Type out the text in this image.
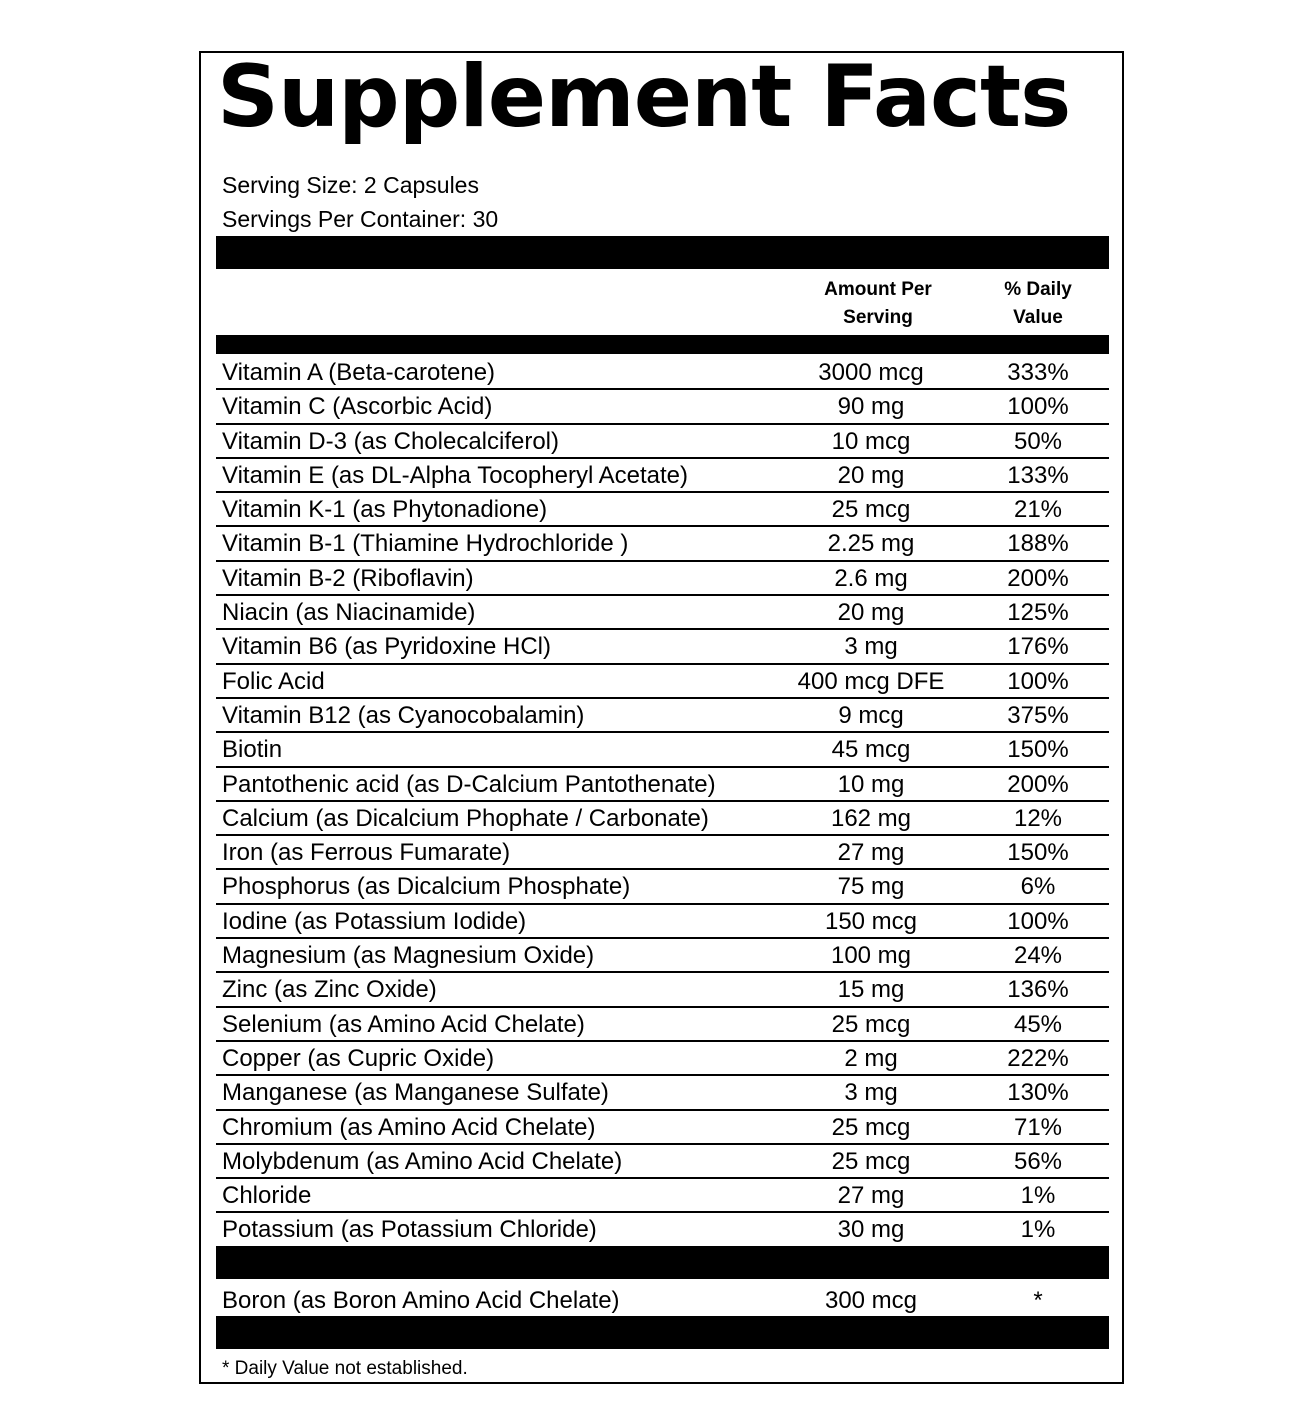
Supplement Facts
Serving Size: 2 Capsules
Servings Per Container: 30
Amount Per
Serving
% Daily
Value
Vitamin A (Beta-carotene)	3000 mcg	333%
Vitamin C (Ascorbic Acid)	90 mg	100%
Vitamin D-3 (as Cholecalciferol)	10 mcg	50%
Vitamin E (as DL-Alpha Tocopheryl Acetate)	20 mg	133%
Vitamin K-1 (as Phytonadione)	25 mcg	21%
Vitamin B-1 (Thiamine Hydrochloride )	2.25 mg	188%
Vitamin B-2 (Riboflavin)	2.6 mg	200%
Niacin (as Niacinamide)	20 mg	125%
Vitamin B6 (as Pyridoxine HCl)	3 mg	176%
Folic Acid	400 mcg DFE	100%
Vitamin B12 (as Cyanocobalamin)	9 mcg	375%
Biotin	45 mcg	150%
Pantothenic acid (as D-Calcium Pantothenate)	10 mg	200%
Calcium (as Dicalcium Phophate / Carbonate)	162 mg	12%
Iron (as Ferrous Fumarate)	27 mg	150%
Phosphorus (as Dicalcium Phosphate)	75 mg	6%
Iodine (as Potassium Iodide)	150 mcg	100%
Magnesium (as Magnesium Oxide)	100 mg	24%
Zinc (as Zinc Oxide)	15 mg	136%
Selenium (as Amino Acid Chelate)	25 mcg	45%
Copper (as Cupric Oxide)	2 mg	222%
Manganese (as Manganese Sulfate)	3 mg	130%
Chromium (as Amino Acid Chelate)	25 mcg	71%
Molybdenum (as Amino Acid Chelate)	25 mcg	56%
Chloride	27 mg	1%
Potassium (as Potassium Chloride)	30 mg	1%
Boron (as Boron Amino Acid Chelate)	300 mcg	*
* Daily Value not established.
